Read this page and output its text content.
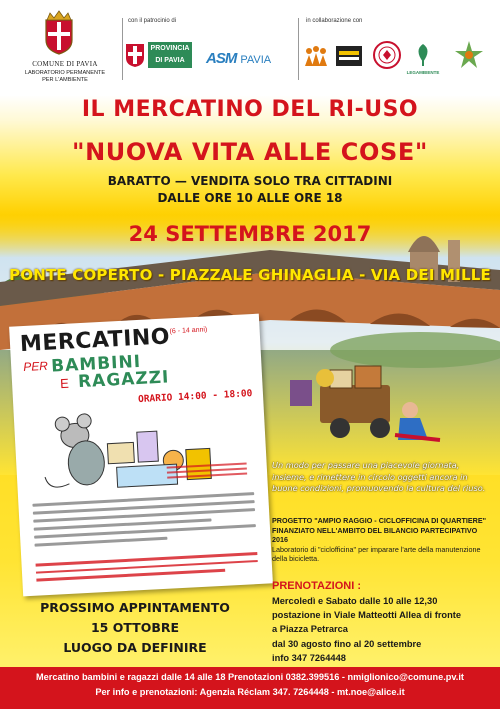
COMUNE DI PAVIA
LABORATORIO PERMANENTE
PER L'AMBIENTE
con il patrocinio di
PROVINCIA DI PAVIA	ASM PAVIA
in collaborazione con
LEGAMBIENTE
IL MERCATINO DEL RI-USO
"NUOVA VITA ALLE COSE"
BARATTO — VENDITA SOLO TRA CITTADINI
DALLE ORE 10 ALLE ORE 18
24 SETTEMBRE 2017
PONTE COPERTO - PIAZZALE GHINAGLIA - VIA DEI MILLE
MERCATINO
(6 - 14 anni)
PER BAMBINI
E RAGAZZI
ORARIO 14:00 - 18:00
Un modo per passare una piacevole giornata, insieme, e rimettere in circolo oggetti ancora in buone condizioni, promuovendo la cultura del riuso.
PROGETTO "AMPIO RAGGIO - CICLOFFICINA DI QUARTIERE" FINANZIATO NELL'AMBITO DEL BILANCIO PARTECIPATIVO 2016
Laboratorio di "ciclofficina" per imparare l'arte della manutenzione della bicicletta.
PRENOTAZIONI :
Mercoledì e Sabato dalle 10 alle 12,30
postazione in Viale Matteotti Allea di fronte
a Piazza Petrarca
dal 30 agosto fino al 20 settembre
info 347 7264448
PROSSIMO APPINTAMENTO
15 OTTOBRE
LUOGO DA DEFINIRE
Mercatino bambini e ragazzi dalle 14 alle 18 Prenotazioni 0382.399516 - nmiglionico@comune.pv.it
Per info e prenotazioni: Agenzia Réclam 347. 7264448 - mt.noe@alice.it
